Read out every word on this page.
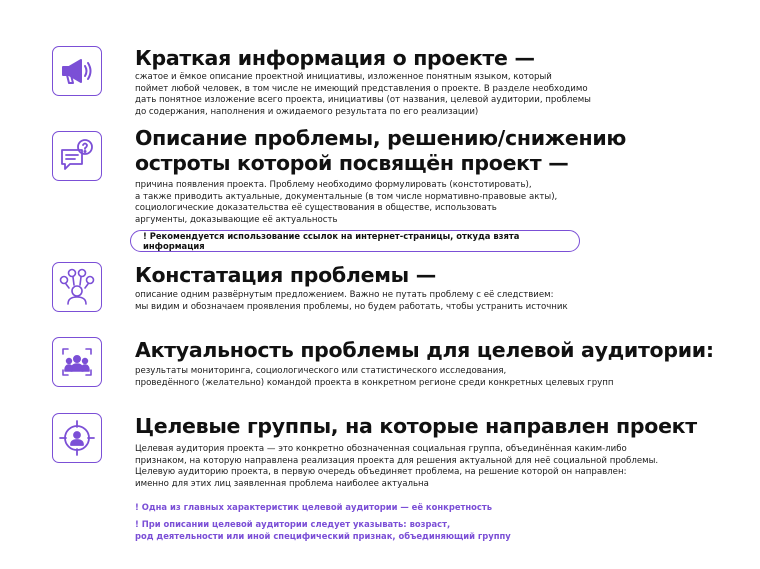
Краткая информация о проекте —
сжатое и ёмкое описание проектной инициативы, изложенное понятным языком, который
поймет любой человек, в том числе не имеющий представления о проекте. В разделе необходимо
дать понятное изложение всего проекта, инициативы (от названия, целевой аудитории, проблемы
до содержания, наполнения и ожидаемого результата по его реализации)
Описание проблемы, решению/снижению
остроты которой посвящён проект —
причина появления проекта. Проблему необходимо формулировать (констотировать),
а также приводить актуальные, документальные (в том числе нормативно-правовые акты),
социологические доказательства её существования в обществе, использовать
аргументы, доказывающие её актуальность
! Рекомендуется использование ссылок на интернет-страницы, откуда взята информация
Констатация проблемы —
описание одним развёрнутым предложением. Важно не путать проблему с её следствием:
мы видим и обозначаем проявления проблемы, но будем работать, чтобы устранить источник
Актуальность проблемы для целевой аудитории:
результаты мониторинга, социологического или статистического исследования,
проведённого (желательно) командой проекта в конкретном регионе среди конкретных целевых групп
Целевые группы, на которые направлен проект
Целевая аудитория проекта — это конкретно обозначенная социальная группа, объединённая каким-либо
признаком, на которую направлена реализация проекта для решения актуальной для неё социальной проблемы.
Целевую аудиторию проекта, в первую очередь объединяет проблема, на решение которой он направлен:
именно для этих лиц заявленная проблема наиболее актуальна
! Одна из главных характеристик целевой аудитории — её конкретность
! При описании целевой аудитории следует указывать: возраст,
род деятельности или иной специфический признак, объединяющий группу
